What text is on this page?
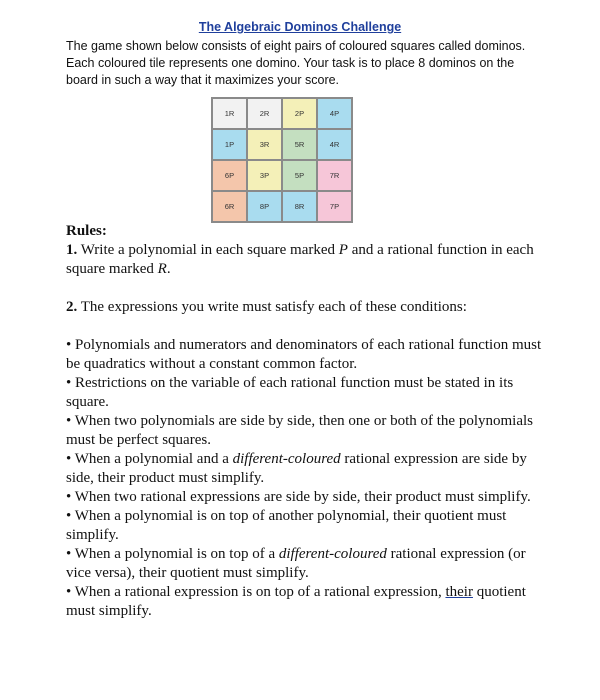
The Algebraic Dominos Challenge

The game shown below consists of eight pairs of coloured squares called dominos. Each coloured tile represents one domino. Your task is to place 8 dominos on the board in such a way that it maximizes your score.

1R	2R	2P	4P
1P	3R	5R	4R
6P	3P	5P	7R
6R	8P	8R	7P

Rules:

1. Write a polynomial in each square marked P and a rational function in each square marked R.

2. The expressions you write must satisfy each of these conditions:

• Polynomials and numerators and denominators of each rational function must be quadratics without a constant common factor.

• Restrictions on the variable of each rational function must be stated in its square.

• When two polynomials are side by side, then one or both of the polynomials must be perfect squares.

• When a polynomial and a different-coloured rational expression are side by side, their product must simplify.

• When two rational expressions are side by side, their product must simplify.

• When a polynomial is on top of another polynomial, their quotient must simplify.

• When a polynomial is on top of a different-coloured rational expression (or vice versa), their quotient must simplify.

• When a rational expression is on top of a rational expression, their quotient must simplify.
